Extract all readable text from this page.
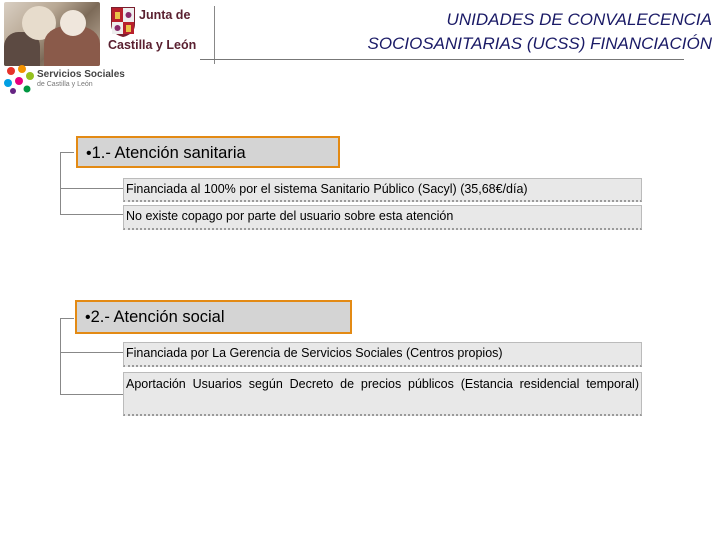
Junta de
Castilla y León
Servicios Sociales
de Castilla y León
UNIDADES DE CONVALECENCIA
SOCIOSANITARIAS (UCSS) FINANCIACIÓN
•1.- Atención sanitaria
Financiada al 100% por el sistema Sanitario Público (Sacyl) (35,68€/día)
No existe copago por parte del usuario sobre esta atención
•2.- Atención social
Financiada por La Gerencia de Servicios Sociales (Centros propios)
Aportación Usuarios según Decreto de precios públicos (Estancia residencial temporal)
